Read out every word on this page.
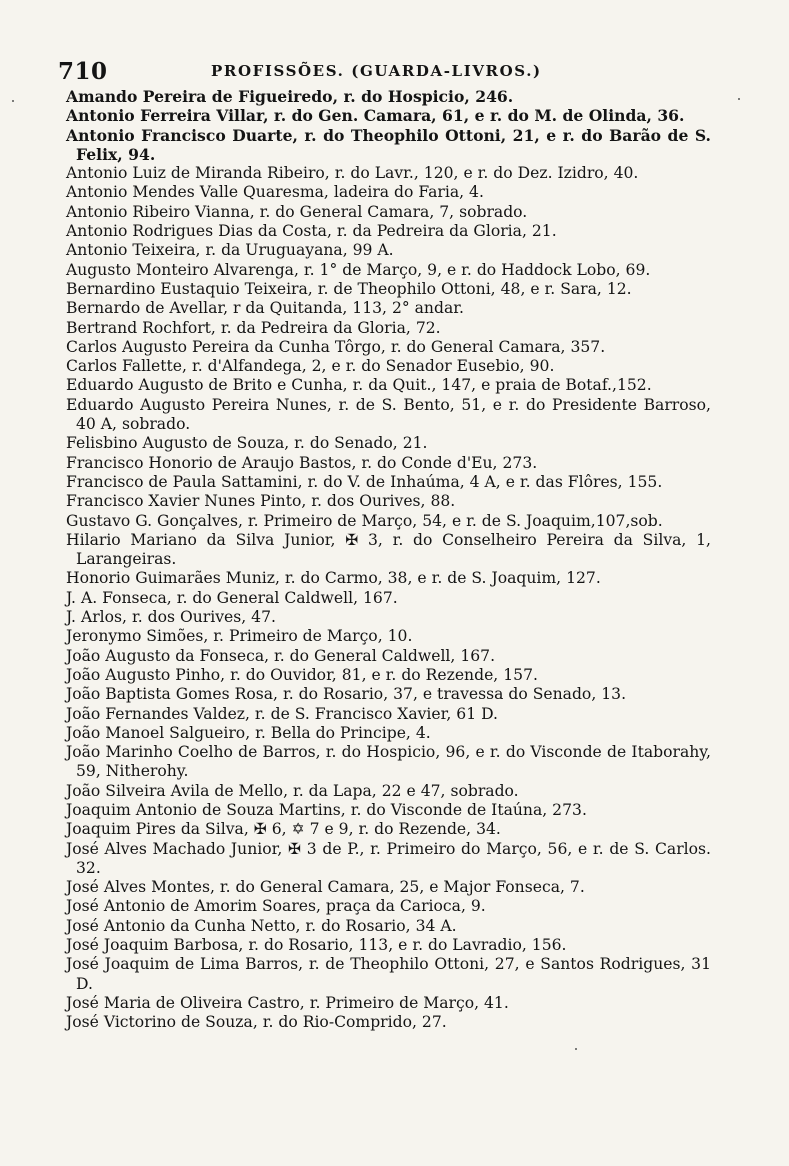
710	PROFISSÕES. (GUARDA-LIVROS.)
Amando Pereira de Figueiredo, r. do Hospicio, 246.
Antonio Ferreira Villar, r. do Gen. Camara, 61, e r. do M. de Olinda, 36.
Antonio Francisco Duarte, r. do Theophilo Ottoni, 21, e r. do Barão de S. Felix, 94.
Antonio Luiz de Miranda Ribeiro, r. do Lavr., 120, e r. do Dez. Izidro, 40.
Antonio Mendes Valle Quaresma, ladeira do Faria, 4.
Antonio Ribeiro Vianna, r. do General Camara, 7, sobrado.
Antonio Rodrigues Dias da Costa, r. da Pedreira da Gloria, 21.
Antonio Teixeira, r. da Uruguayana, 99 A.
Augusto Monteiro Alvarenga, r. 1° de Março, 9, e r. do Haddock Lobo, 69.
Bernardino Eustaquio Teixeira, r. de Theophilo Ottoni, 48, e r. Sara, 12.
Bernardo de Avellar, r da Quitanda, 113, 2° andar.
Bertrand Rochfort, r. da Pedreira da Gloria, 72.
Carlos Augusto Pereira da Cunha Tôrgo, r. do General Camara, 357.
Carlos Fallette, r. d'Alfandega, 2, e r. do Senador Eusebio, 90.
Eduardo Augusto de Brito e Cunha, r. da Quit., 147, e praia de Botaf.,152.
Eduardo Augusto Pereira Nunes, r. de S. Bento, 51, e r. do Presidente Barroso, 40 A, sobrado.
Felisbino Augusto de Souza, r. do Senado, 21.
Francisco Honorio de Araujo Bastos, r. do Conde d'Eu, 273.
Francisco de Paula Sattamini, r. do V. de Inhaúma, 4 A, e r. das Flôres, 155.
Francisco Xavier Nunes Pinto, r. dos Ourives, 88.
Gustavo G. Gonçalves, r. Primeiro de Março, 54, e r. de S. Joaquim,107,sob.
Hilario Mariano da Silva Junior, ✠ 3, r. do Conselheiro Pereira da Silva, 1, Larangeiras.
Honorio Guimarães Muniz, r. do Carmo, 38, e r. de S. Joaquim, 127.
J. A. Fonseca, r. do General Caldwell, 167.
J. Arlos, r. dos Ourives, 47.
Jeronymo Simões, r. Primeiro de Março, 10.
João Augusto da Fonseca, r. do General Caldwell, 167.
João Augusto Pinho, r. do Ouvidor, 81, e r. do Rezende, 157.
João Baptista Gomes Rosa, r. do Rosario, 37, e travessa do Senado, 13.
João Fernandes Valdez, r. de S. Francisco Xavier, 61 D.
João Manoel Salgueiro, r. Bella do Principe, 4.
João Marinho Coelho de Barros, r. do Hospicio, 96, e r. do Visconde de Itaborahy, 59, Nitherohy.
João Silveira Avila de Mello, r. da Lapa, 22 e 47, sobrado.
Joaquim Antonio de Souza Martins, r. do Visconde de Itaúna, 273.
Joaquim Pires da Silva, ✠ 6, ✡ 7 e 9, r. do Rezende, 34.
José Alves Machado Junior, ✠ 3 de P., r. Primeiro do Março, 56, e r. de S. Carlos. 32.
José Alves Montes, r. do General Camara, 25, e Major Fonseca, 7.
José Antonio de Amorim Soares, praça da Carioca, 9.
José Antonio da Cunha Netto, r. do Rosario, 34 A.
José Joaquim Barbosa, r. do Rosario, 113, e r. do Lavradio, 156.
José Joaquim de Lima Barros, r. de Theophilo Ottoni, 27, e Santos Rodrigues, 31 D.
José Maria de Oliveira Castro, r. Primeiro de Março, 41.
José Victorino de Souza, r. do Rio-Comprido, 27.
